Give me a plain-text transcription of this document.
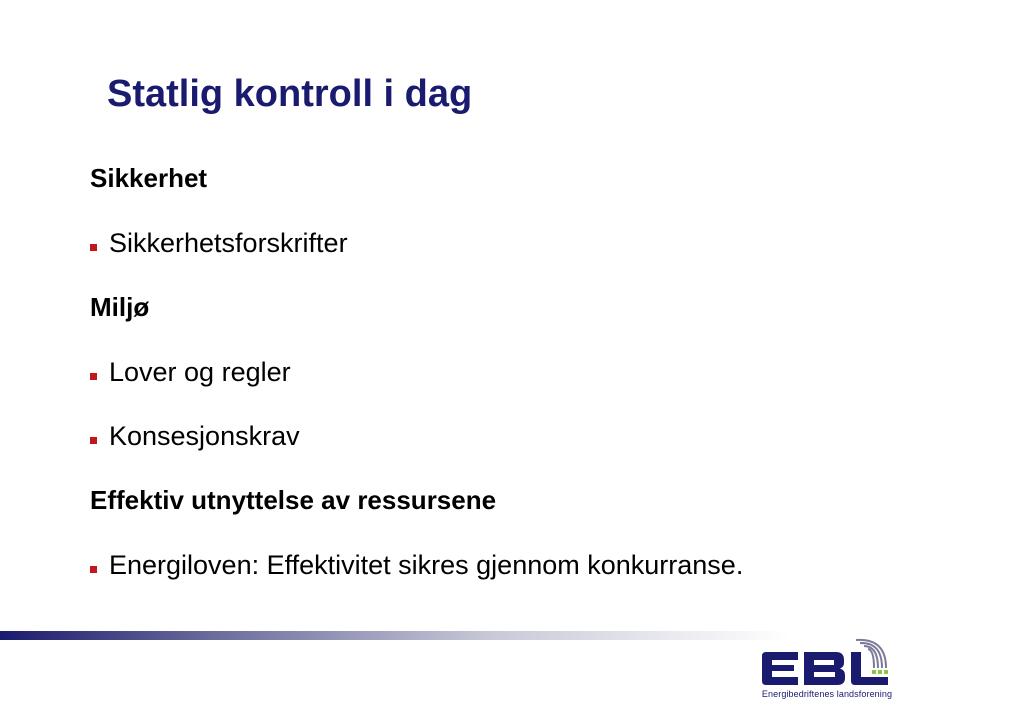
Statlig kontroll i dag
Sikkerhet
Sikkerhetsforskrifter
Miljø
Lover og regler
Konsesjonskrav
Effektiv utnyttelse av ressursene
Energiloven: Effektivitet sikres gjennom konkurranse.
Energibedriftenes landsforening
